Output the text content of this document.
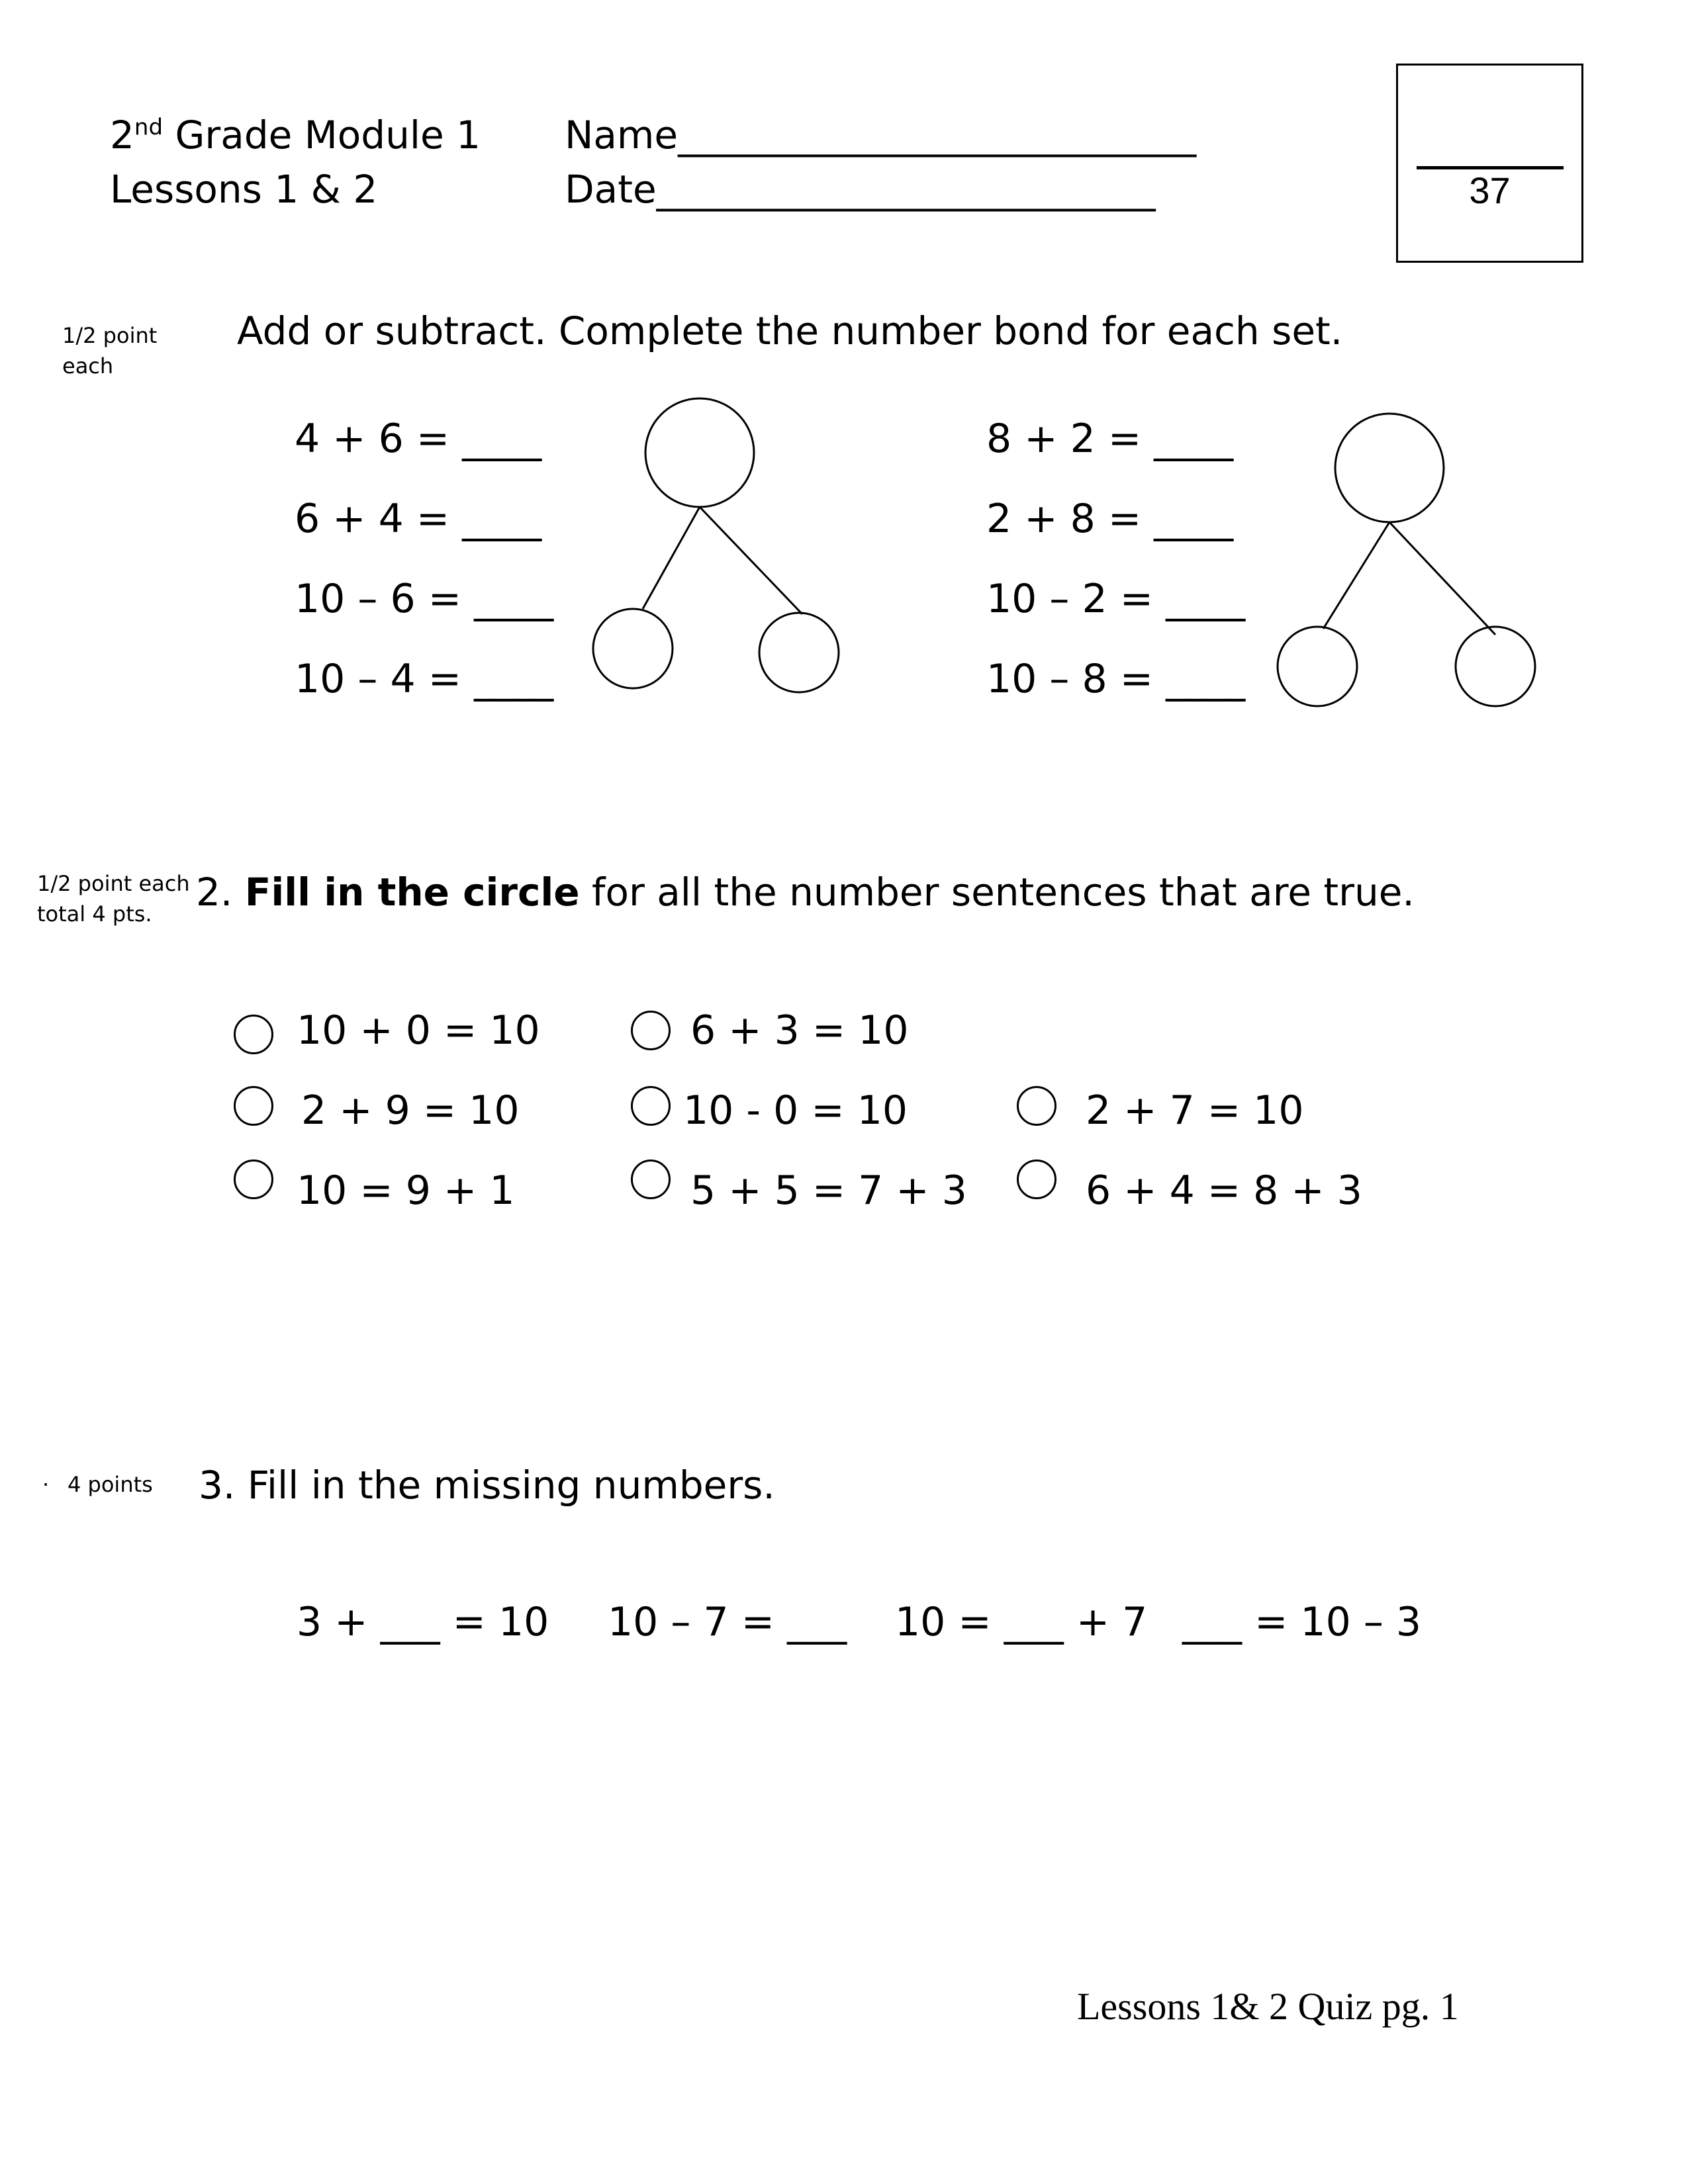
2nd Grade Module 1
Lessons 1 & 2
Name___________________________
Date__________________________	37
1/2 point
each
Add or subtract. Complete the number bond for each set.
4 + 6 = ____
6 + 4 = ____
10 – 6 = ____
10 – 4 = ____
8 + 2 = ____
2 + 8 = ____
10 – 2 = ____
10 – 8 = ____
1/2 point each
total 4 pts.	2. Fill in the circle for all the number sentences that are true.
10 + 0 = 10	6 + 3 = 10
2 + 9 = 10	10 - 0 = 10	2 + 7 = 10
10 = 9 + 1	5 + 5 = 7 + 3	6 + 4 = 8 + 3
· 4 points 3. Fill in the missing numbers.
3 + ___ = 10 10 – 7 = ___ 10 = ___ + 7 ___ = 10 – 3
Lessons 1& 2 Quiz pg. 1
